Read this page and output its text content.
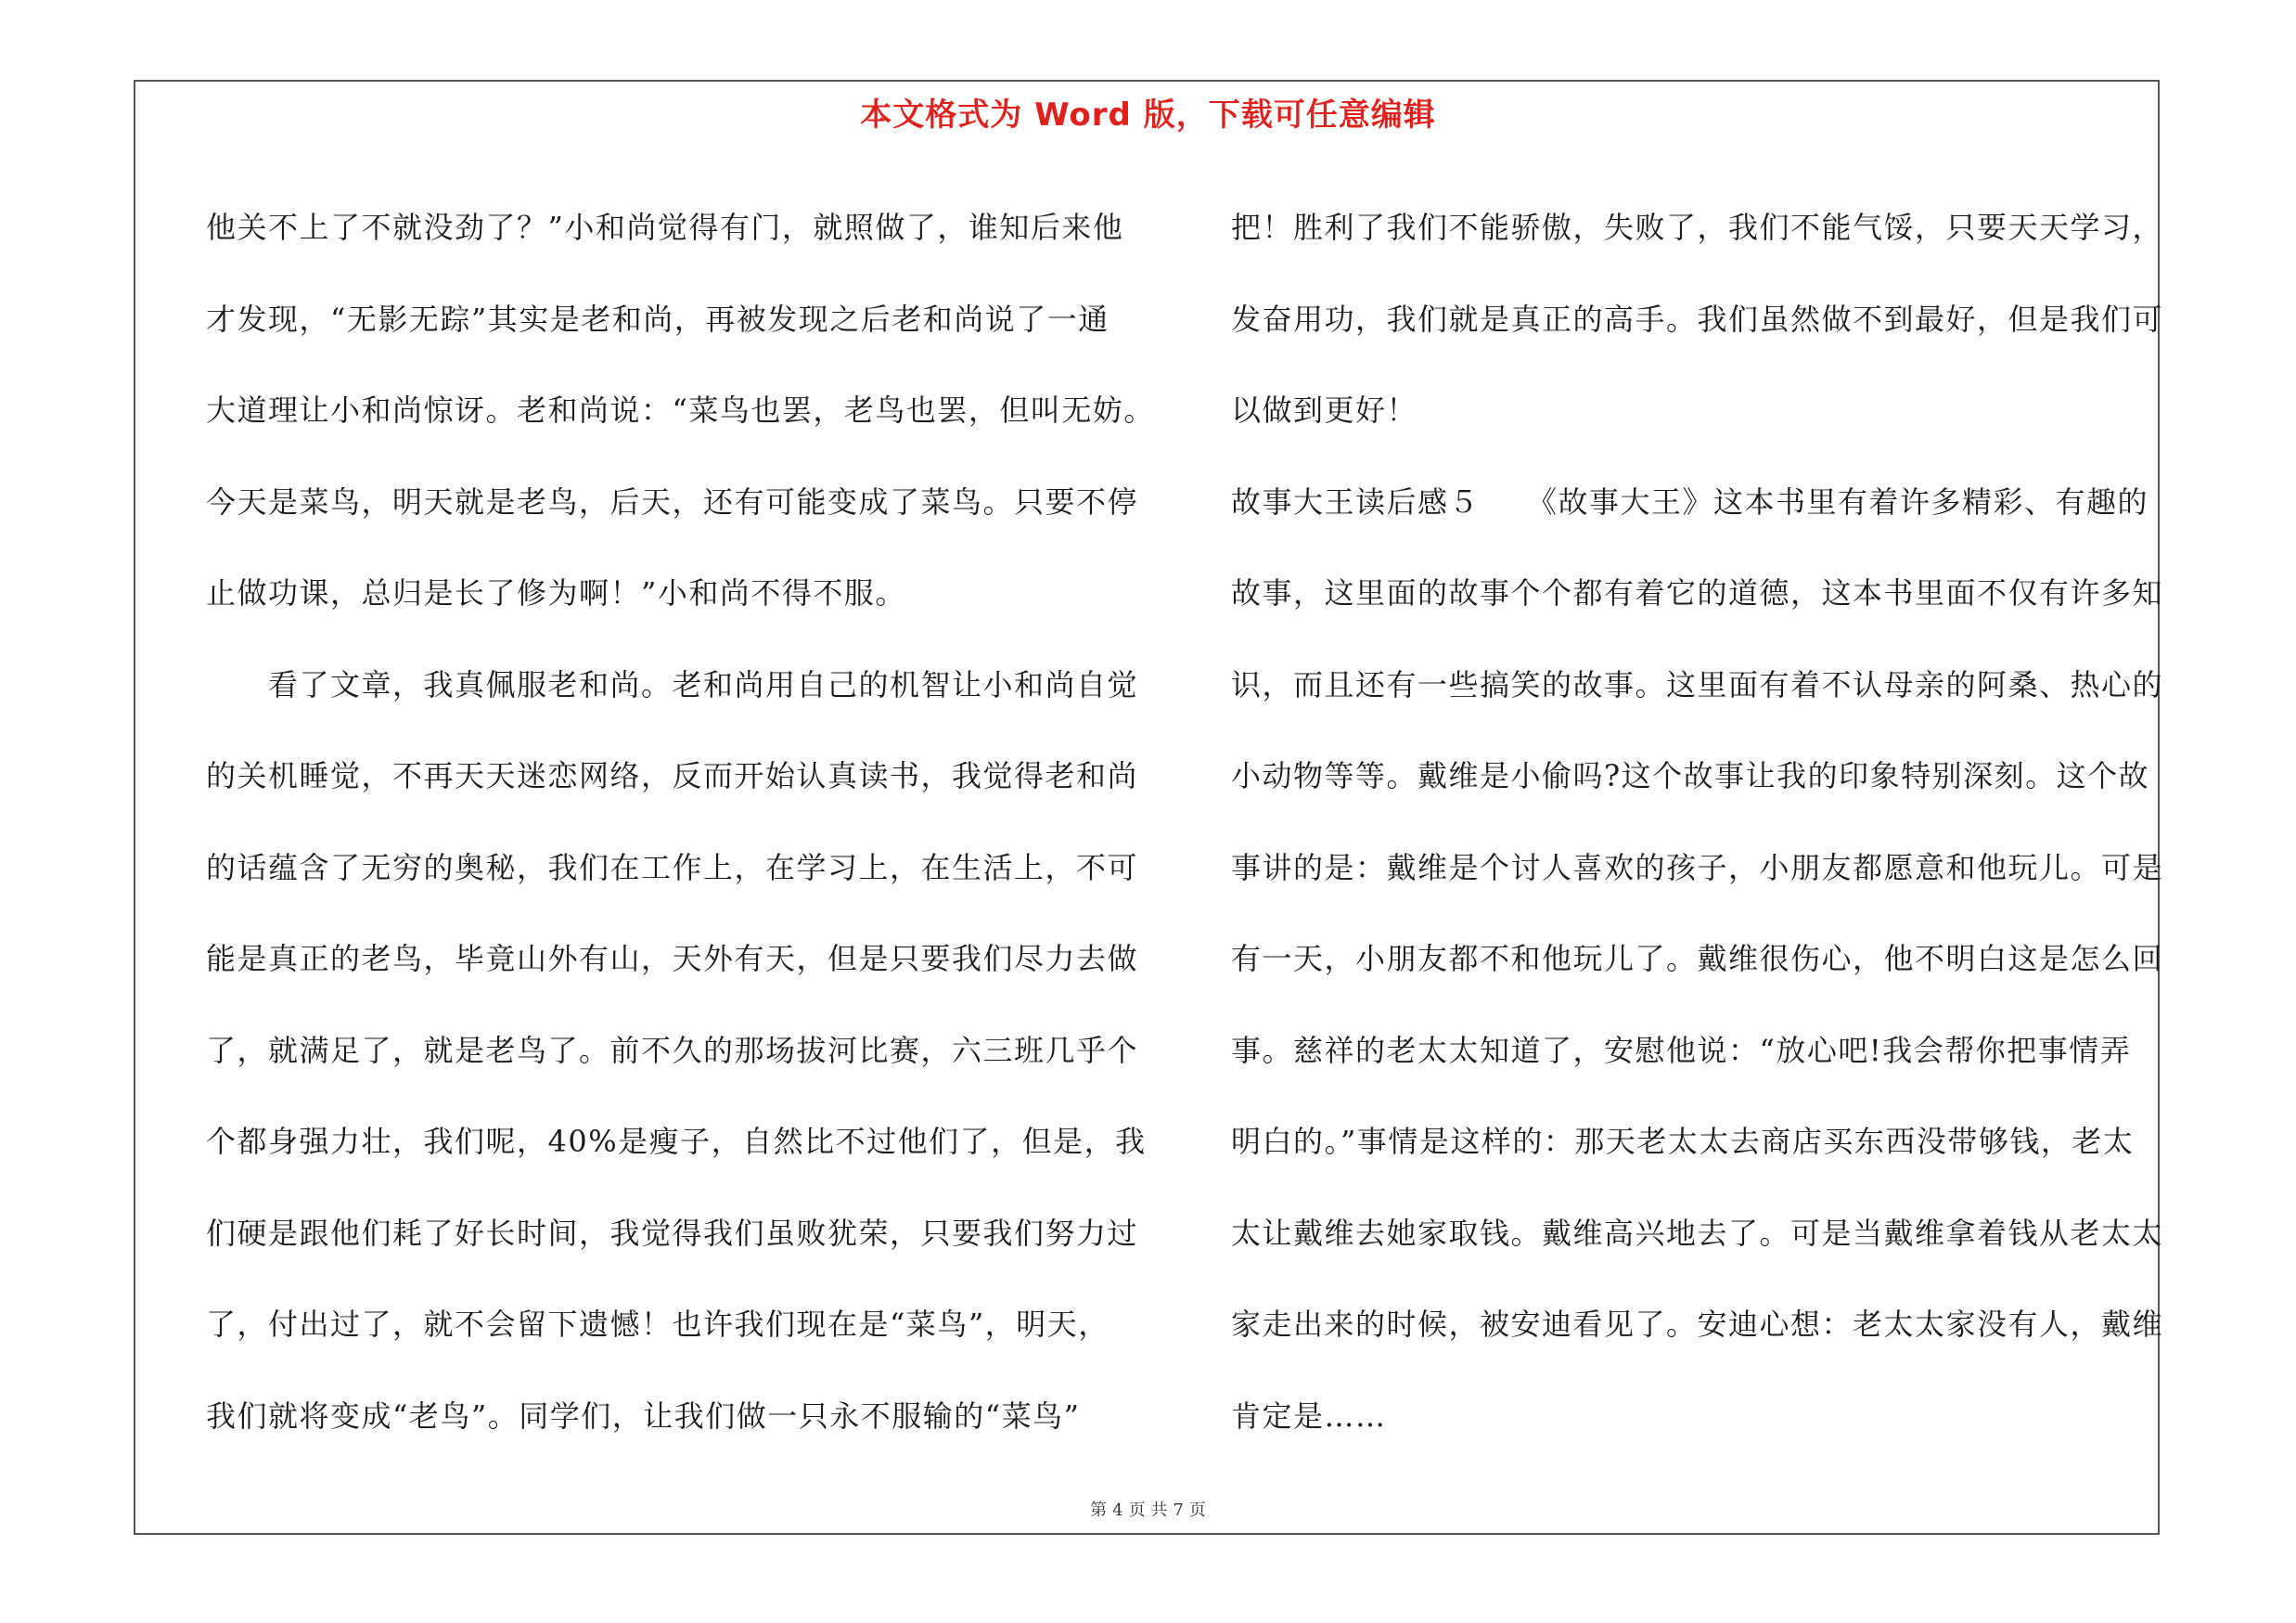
本文格式为 Word 版，下载可任意编辑
他关不上了不就没劲了？”小和尚觉得有门，就照做了，谁知后来他
才发现，“无影无踪”其实是老和尚，再被发现之后老和尚说了一通
大道理让小和尚惊讶。老和尚说：“菜鸟也罢，老鸟也罢，但叫无妨。
今天是菜鸟，明天就是老鸟，后天，还有可能变成了菜鸟。只要不停
止做功课，总归是长了修为啊！”小和尚不得不服。
　　看了文章，我真佩服老和尚。老和尚用自己的机智让小和尚自觉
的关机睡觉，不再天天迷恋网络，反而开始认真读书，我觉得老和尚
的话蕴含了无穷的奥秘，我们在工作上，在学习上，在生活上，不可
能是真正的老鸟，毕竟山外有山，天外有天，但是只要我们尽力去做
了，就满足了，就是老鸟了。前不久的那场拔河比赛，六三班几乎个
个都身强力壮，我们呢，40%是瘦子，自然比不过他们了，但是，我
们硬是跟他们耗了好长时间，我觉得我们虽败犹荣，只要我们努力过
了，付出过了，就不会留下遗憾！也许我们现在是“菜鸟”，明天，
我们就将变成“老鸟”。同学们，让我们做一只永不服输的“菜鸟”
把！胜利了我们不能骄傲，失败了，我们不能气馁，只要天天学习，
发奋用功，我们就是真正的高手。我们虽然做不到最好，但是我们可
以做到更好！
故事大王读后感５　　《故事大王》这本书里有着许多精彩、有趣的
故事，这里面的故事个个都有着它的道德，这本书里面不仅有许多知
识，而且还有一些搞笑的故事。这里面有着不认母亲的阿桑、热心的
小动物等等。戴维是小偷吗?这个故事让我的印象特别深刻。这个故
事讲的是：戴维是个讨人喜欢的孩子，小朋友都愿意和他玩儿。可是
有一天，小朋友都不和他玩儿了。戴维很伤心，他不明白这是怎么回
事。慈祥的老太太知道了，安慰他说：“放心吧!我会帮你把事情弄
明白的。”事情是这样的：那天老太太去商店买东西没带够钱，老太
太让戴维去她家取钱。戴维高兴地去了。可是当戴维拿着钱从老太太
家走出来的时候，被安迪看见了。安迪心想：老太太家没有人，戴维
肯定是……
第 4 页 共 7 页
